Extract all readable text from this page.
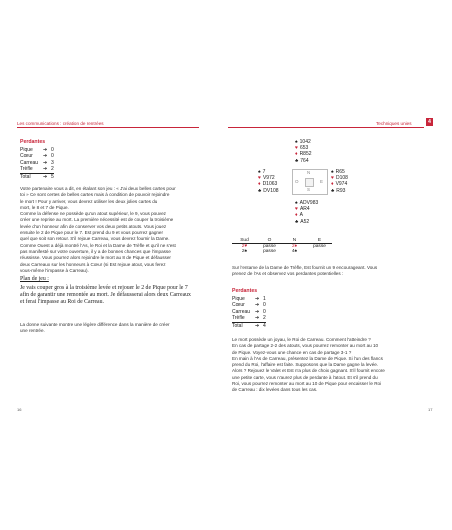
Les communications : création de rentrées	Techniques unies	4
Perdantes
Pique	➔ 0
Cœur	➔ 0
Carreau ➔ 3
Trèfle	➔ 2
Total	➔ 5
Votre partenaire vous a dit, en étalant son jeu : « J'ai deux belles cartes pour
toi » Ce sont certes de belles cartes mais à condition de pouvoir rejoindre
le mort ! Pour y arriver, vous devrez utiliser les deux jolies cartes du
mort, le 8 et 7 de Pique.
Comme la défense ne possède qu'un atout supérieur, le 9, vous pouvez
créer une reprise au mort. La première nécessité est de couper la troisième
levée d'un honneur afin de conserver vos deux petits atouts. Vous jouez
ensuite le 2 de Pique pour le 7. Est prend du 9 et vous pourrez gagner
quel que soit son retour. S'il rejoue Carreau, vous devrez fournir la Dame.
Comme Ouest a déjà montré l'As, le Roi et la Dame de Trèfle et qu'il ne s'est
pas manifesté sur votre ouverture, il y a de bonnes chances que l'impasse
réussisse. Vous pourrez alors rejoindre le mort au 8 de Pique et défausser
deux Carreaux sur les honneurs à Cœur (si Est rejoue atout, vous ferez
vous-même l'impasse à Carreau).
Plan de jeu :
Je vais couper gros à la troisième levée et rejouer le 2 de Pique pour le 7
afin de garantir une remontée au mort. Je défausserai alors deux Carreaux
et ferai l'impasse au Roi de Carreau.
La donne suivante montre une légère différence dans la manière de créer
une rentrée.
16
♠ 1042
♥ 653
♦ R852
♣ 764
♠ 7
♥ V972
♦ D1063
♣ DV108
♠ R65
♥ D108
♦ V974
♣ R93
♠ ADV983
♥ AR4
♦ A
♣ A52
N
O	E
S
Sud	O	N	E
2♥	passe	2♦	passe
2♠	passe	4♠
Sur l'entame de la Dame de Trèfle, Est fournit un 9 encourageant. Vous
prenez de l'As et observez vos perdantes potentielles :
Perdantes
Pique	➔ 1
Cœur	➔ 0
Carreau ➔ 0
Trèfle	➔ 2
Total	➔ 4
Le mort possède un joyau, le Roi de Carreau. Comment l'atteindre ?
En cas de partage 2-2 des atouts, vous pourrez remonter au mort au 10
de Pique. Voyez-vous une chance en cas de partage 3-1 ?
En main à l'As de Carreau, présentez la Dame de Pique. Si l'un des flancs
prend du Roi, l'affaire est faite. Supposons que la Dame gagne la levée.
Alors ? Rejouez le Valet et Est n'a plus de choix gagnant. S'il fournit encore
une petite carte, vous n'aurez plus de perdante à l'atout. Et s'il prend du
Roi, vous pourrez remonter au mort au 10 de Pique pour encaisser le Roi
de Carreau : dix levées dans tous les cas.
17
